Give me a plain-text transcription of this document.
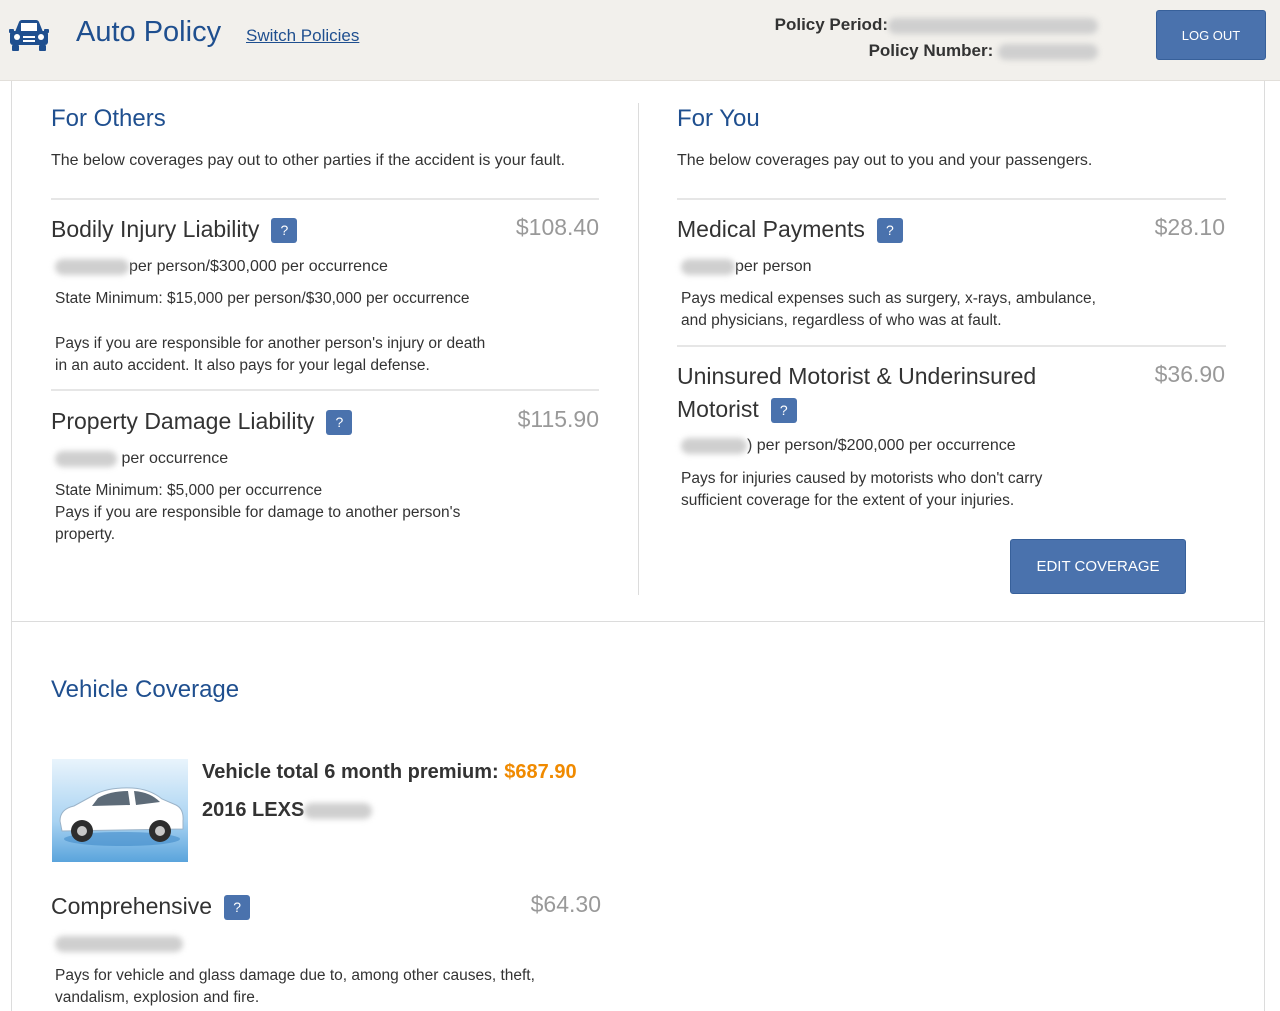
Auto Policy Switch Policies
Policy Period:
Policy Number:
LOG OUT
For Others
The below coverages pay out to other parties if the accident is your fault.
Bodily Injury Liability ?	$108.40
per person/$300,000 per occurrence
State Minimum: $15,000 per person/$30,000 per occurrence
Pays if you are responsible for another person's injury or death in an auto accident. It also pays for your legal defense.
Property Damage Liability ?	$115.90
per occurrence
State Minimum: $5,000 per occurrence
Pays if you are responsible for damage to another person's property.
For You
The below coverages pay out to you and your passengers.
Medical Payments ?	$28.10
per person
Pays medical expenses such as surgery, x-rays, ambulance, and physicians, regardless of who was at fault.
Uninsured Motorist & Underinsured Motorist ?
$36.90
) per person/$200,000 per occurrence
Pays for injuries caused by motorists who don't carry sufficient coverage for the extent of your injuries.
EDIT COVERAGE
Vehicle Coverage
Vehicle total 6 month premium: $687.90
2016 LEXS
Comprehensive ?	$64.30
Pays for vehicle and glass damage due to, among other causes, theft, vandalism, explosion and fire.
